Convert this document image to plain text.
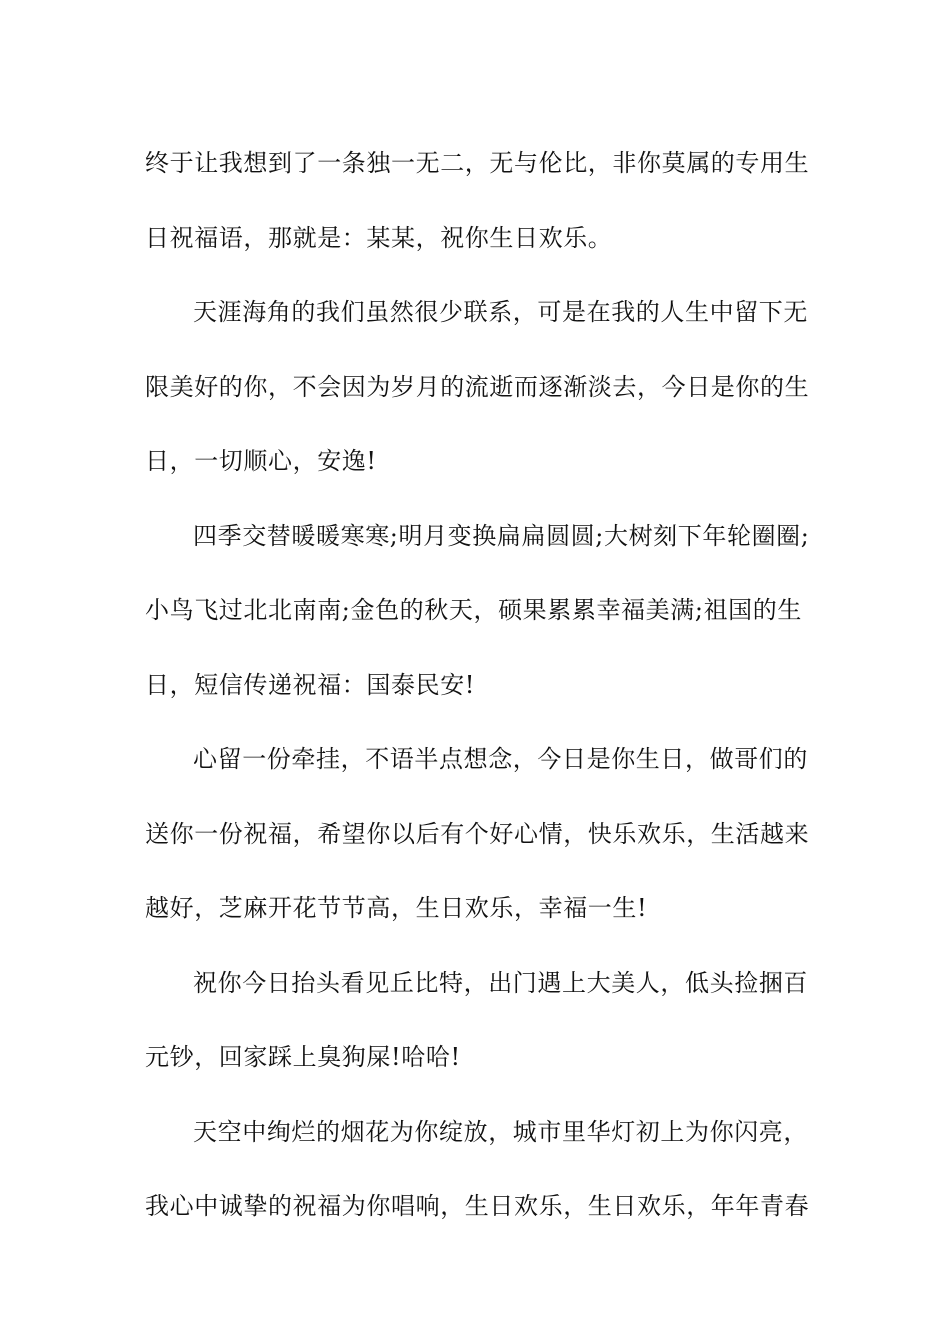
终于让我想到了一条独一无二，无与伦比，非你莫属的专用生
日祝福语，那就是：某某，祝你生日欢乐。
天涯海角的我们虽然很少联系，可是在我的人生中留下无
限美好的你，不会因为岁月的流逝而逐渐淡去，今日是你的生
日，一切顺心，安逸!
四季交替暖暖寒寒;明月变换扁扁圆圆;大树刻下年轮圈圈;
小鸟飞过北北南南;金色的秋天，硕果累累幸福美满;祖国的生
日，短信传递祝福：国泰民安!
心留一份牵挂，不语半点想念，今日是你生日，做哥们的
送你一份祝福，希望你以后有个好心情，快乐欢乐，生活越来
越好，芝麻开花节节高，生日欢乐，幸福一生!
祝你今日抬头看见丘比特，出门遇上大美人，低头捡捆百
元钞，回家踩上臭狗屎!哈哈!
天空中绚烂的烟花为你绽放，城市里华灯初上为你闪亮，
我心中诚挚的祝福为你唱响，生日欢乐，生日欢乐，年年青春
